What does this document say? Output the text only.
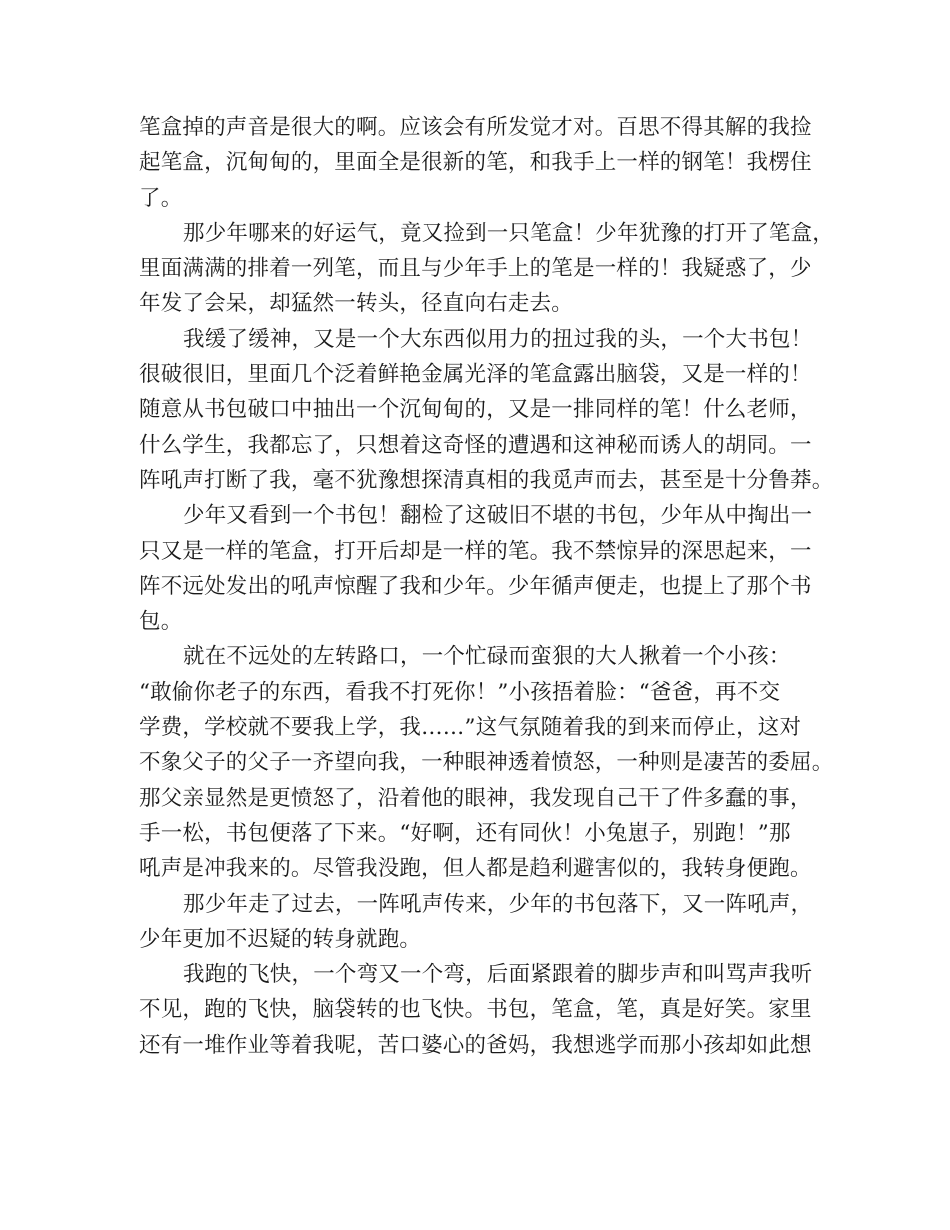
笔盒掉的声音是很大的啊。应该会有所发觉才对。百思不得其解的我捡
起笔盒，沉甸甸的，里面全是很新的笔，和我手上一样的钢笔！我楞住
了。
那少年哪来的好运气，竟又捡到一只笔盒！少年犹豫的打开了笔盒，
里面满满的排着一列笔，而且与少年手上的笔是一样的！我疑惑了，少
年发了会呆，却猛然一转头，径直向右走去。
我缓了缓神，又是一个大东西似用力的扭过我的头，一个大书包！
很破很旧，里面几个泛着鲜艳金属光泽的笔盒露出脑袋，又是一样的！
随意从书包破口中抽出一个沉甸甸的，又是一排同样的笔！什么老师，
什么学生，我都忘了，只想着这奇怪的遭遇和这神秘而诱人的胡同。一
阵吼声打断了我，毫不犹豫想探清真相的我觅声而去，甚至是十分鲁莽。
少年又看到一个书包！翻检了这破旧不堪的书包，少年从中掏出一
只又是一样的笔盒，打开后却是一样的笔。我不禁惊异的深思起来，一
阵不远处发出的吼声惊醒了我和少年。少年循声便走，也提上了那个书
包。
就在不远处的左转路口，一个忙碌而蛮狠的大人揪着一个小孩：
“敢偷你老子的东西，看我不打死你！”小孩捂着脸：“爸爸，再不交
学费，学校就不要我上学，我……”这气氛随着我的到来而停止，这对
不象父子的父子一齐望向我，一种眼神透着愤怒，一种则是凄苦的委屈。
那父亲显然是更愤怒了，沿着他的眼神，我发现自己干了件多蠢的事，
手一松，书包便落了下来。“好啊，还有同伙！小兔崽子，别跑！”那
吼声是冲我来的。尽管我没跑，但人都是趋利避害似的，我转身便跑。
那少年走了过去，一阵吼声传来，少年的书包落下，又一阵吼声，
少年更加不迟疑的转身就跑。
我跑的飞快，一个弯又一个弯，后面紧跟着的脚步声和叫骂声我听
不见，跑的飞快，脑袋转的也飞快。书包，笔盒，笔，真是好笑。家里
还有一堆作业等着我呢，苦口婆心的爸妈，我想逃学而那小孩却如此想
